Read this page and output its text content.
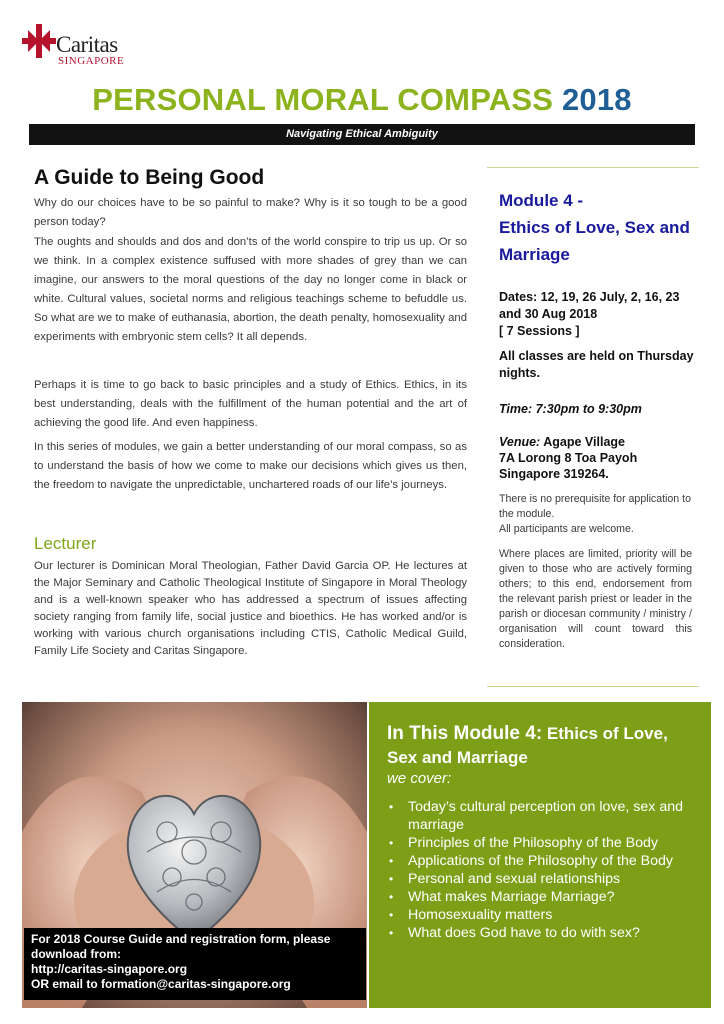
Caritas
SINGAPORE
PERSONAL MORAL COMPASS 2018
Navigating Ethical Ambiguity
A Guide to Being Good
Why do our choices have to be so painful to make? Why is it so tough to be a good person today?
The oughts and shoulds and dos and don’ts of the world conspire to trip us up. Or so we think. In a complex existence suffused with more shades of grey than we can imagine, our answers to the moral questions of the day no longer come in black or white. Cultural values, societal norms and religious teachings scheme to befuddle us. So what are we to make of euthanasia, abortion, the death penalty, homosexuality and experiments with embryonic stem cells? It all depends.
Perhaps it is time to go back to basic principles and a study of Ethics. Ethics, in its best understanding, deals with the fulfillment of the human potential and the art of achieving the good life. And even happiness.
In this series of modules, we gain a better understanding of our moral compass, so as to understand the basis of how we come to make our decisions which gives us then, the freedom to navigate the unpredictable, unchartered roads of our life’s journeys.
Lecturer
Our lecturer is Dominican Moral Theologian, Father David Garcia OP. He lectures at the Major Seminary and Catholic Theological Institute of Singapore in Moral Theology and is a well-known speaker who has addressed a spectrum of issues affecting society ranging from family life, social justice and bioethics. He has worked and/or is working with various church organisations including CTIS, Catholic Medical Guild, Family Life Society and Caritas Singapore.
Module 4 -
Ethics of Love, Sex and Marriage
Dates: 12, 19, 26 July, 2, 16, 23 and 30 Aug 2018
[ 7 Sessions ]
All classes are held on Thursday nights.
Time: 7:30pm to 9:30pm
Venue: Agape Village
7A Lorong 8 Toa Payoh
Singapore 319264.
There is no prerequisite for application to the module.
All participants are welcome.
Where places are limited, priority will be given to those who are actively forming others; to this end, endorsement from the relevant parish priest or leader in the parish or diocesan community / ministry / organisation will count toward this consideration.
For 2018 Course Guide and registration form, please download from:
http://caritas-singapore.org
OR email to formation@caritas-singapore.org
In This Module 4: Ethics of Love, Sex and Marriage
we cover:
• Today’s cultural perception on love, sex and marriage
• Principles of the Philosophy of the Body
• Applications of the Philosophy of the Body
• Personal and sexual relationships
• What makes Marriage Marriage?
• Homosexuality matters
• What does God have to do with sex?
